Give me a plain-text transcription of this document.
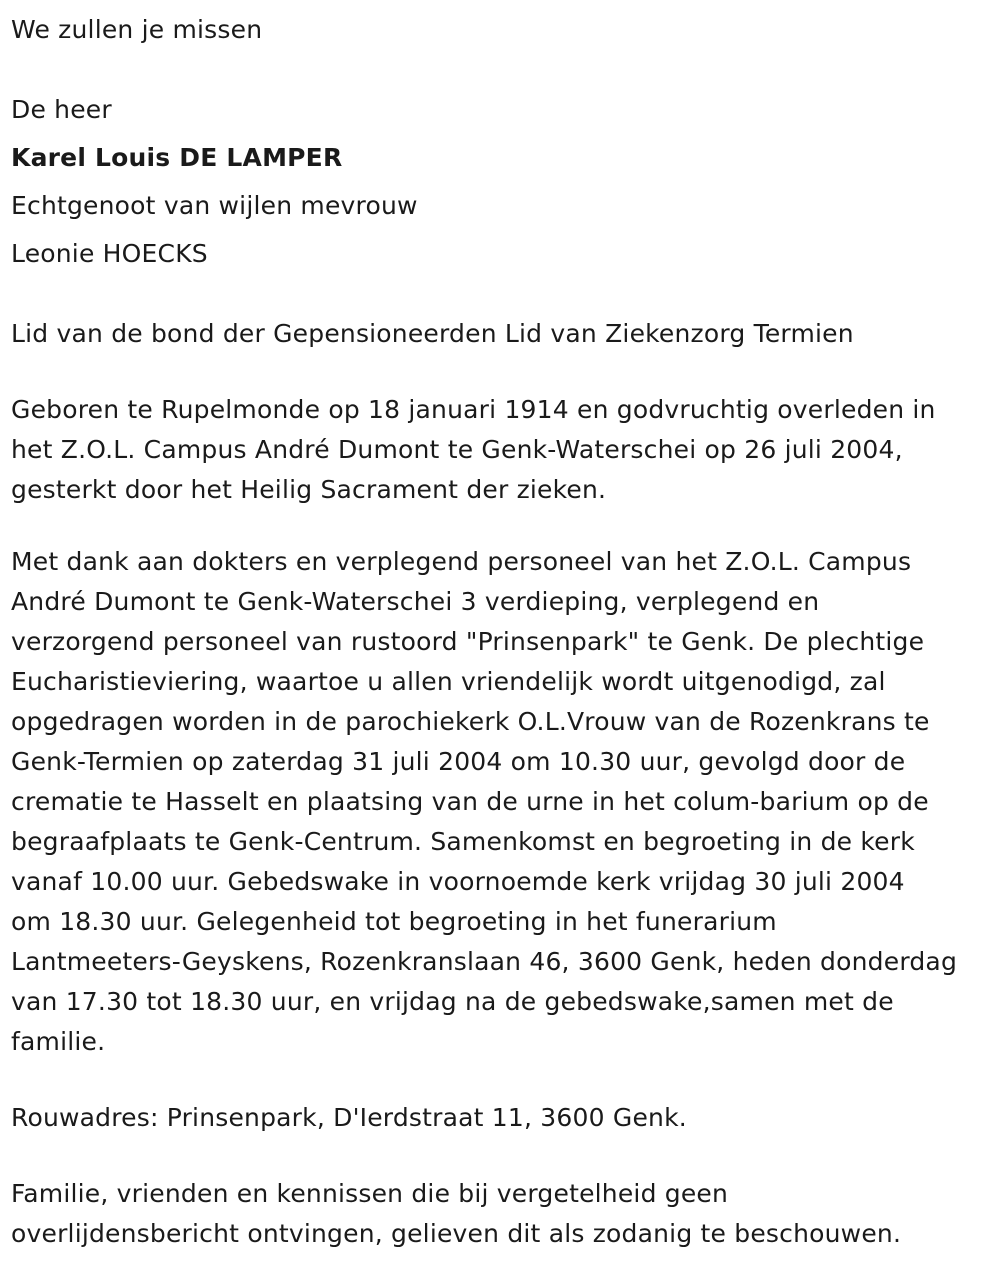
We zullen je missen
De heer
Karel Louis DE LAMPER
Echtgenoot van wijlen mevrouw
Leonie HOECKS
Lid van de bond der Gepensioneerden Lid van Ziekenzorg Termien
Geboren te Rupelmonde op 18 januari 1914 en godvruchtig overleden in
het Z.O.L. Campus André Dumont te Genk-Waterschei op 26 juli 2004,
gesterkt door het Heilig Sacrament der zieken.
Met dank aan dokters en verplegend personeel van het Z.O.L. Campus
André Dumont te Genk-Waterschei 3 verdieping, verplegend en
verzorgend personeel van rustoord "Prinsenpark" te Genk. De plechtige
Eucharistieviering, waartoe u allen vriendelijk wordt uitgenodigd, zal
opgedragen worden in de parochiekerk O.L.Vrouw van de Rozenkrans te
Genk-Termien op zaterdag 31 juli 2004 om 10.30 uur, gevolgd door de
crematie te Hasselt en plaatsing van de urne in het colum-barium op de
begraafplaats te Genk-Centrum. Samenkomst en begroeting in de kerk
vanaf 10.00 uur. Gebedswake in voornoemde kerk vrijdag 30 juli 2004
om 18.30 uur. Gelegenheid tot begroeting in het funerarium
Lantmeeters-Geyskens, Rozenkranslaan 46, 3600 Genk, heden donderdag
van 17.30 tot 18.30 uur, en vrijdag na de gebedswake,samen met de
familie.
Rouwadres: Prinsenpark, D'Ierdstraat 11, 3600 Genk.
Familie, vrienden en kennissen die bij vergetelheid geen
overlijdensbericht ontvingen, gelieven dit als zodanig te beschouwen.
